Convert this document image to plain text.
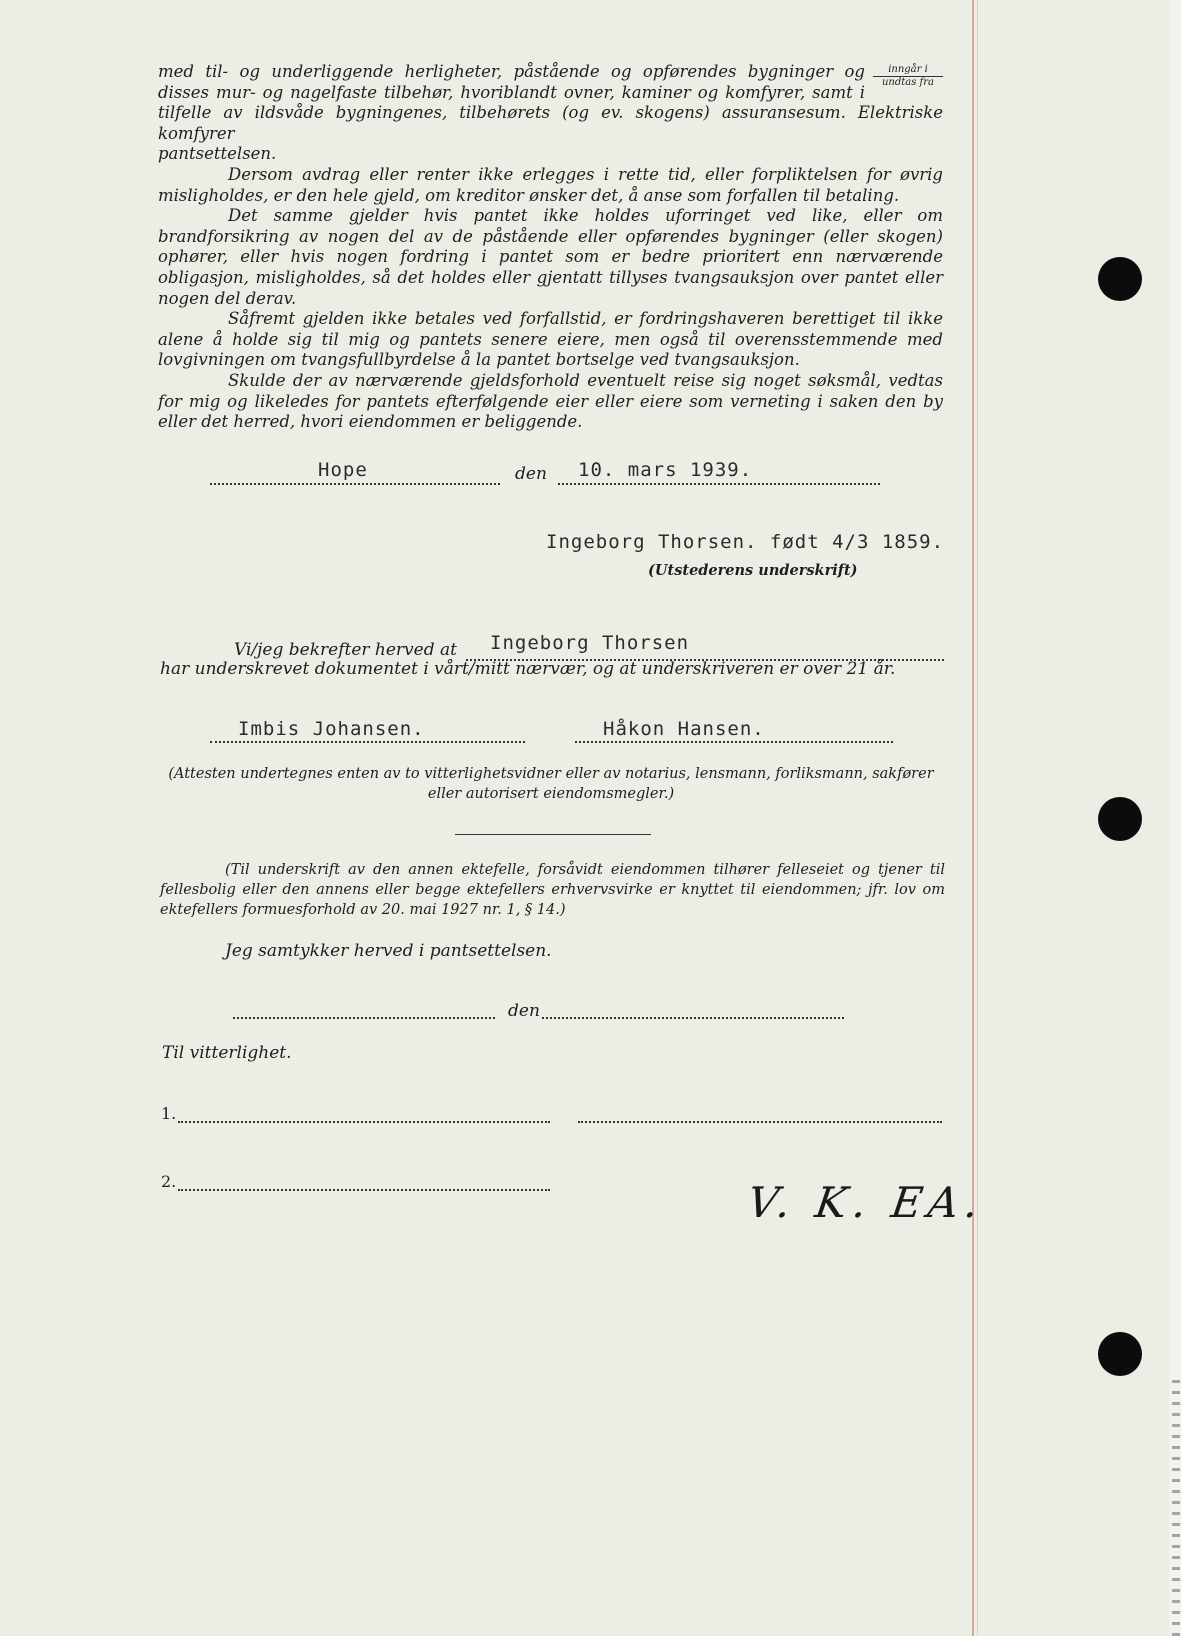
inngår i
undtas fra
med til- og underliggende herligheter, påstående og opførendes bygninger og disses mur- og nagelfaste tilbehør, hvoriblandt ovner, kaminer og komfyrer, samt i tilfelle av ildsvåde bygningenes, tilbehørets (og ev. skogens) assuransesum. Elektriske komfyrer

pantsettelsen.

Dersom avdrag eller renter ikke erlegges i rette tid, eller forpliktelsen for øvrig misligholdes, er den hele gjeld, om kreditor ønsker det, å anse som forfallen til betaling.

Det samme gjelder hvis pantet ikke holdes uforringet ved like, eller om brandforsikring av nogen del av de påstående eller opførendes bygninger (eller skogen) ophører, eller hvis nogen fordring i pantet som er bedre prioritert enn nærværende obligasjon, misligholdes, så det holdes eller gjentatt tillyses tvangsauksjon over pantet eller nogen del derav.

Såfremt gjelden ikke betales ved forfallstid, er fordringshaveren berettiget til ikke alene å holde sig til mig og pantets senere eiere, men også til overensstemmende med lovgivningen om tvangsfullbyrdelse å la pantet bortselge ved tvangsauksjon.

Skulde der av nærværende gjeldsforhold eventuelt reise sig noget søksmål, vedtas for mig og likeledes for pantets efterfølgende eier eller eiere som verneting i saken den by eller det herred, hvori eiendommen er beliggende.

Hope	den 10. mars 1939.
Ingeborg Thorsen. født 4/3 1859.
(Utstederens underskrift)
Vi/jeg bekrefter herved at Ingeborg Thorsen
har underskrevet dokumentet i vårt/mitt nærvær, og at underskriveren er over 21 år.
Imbis Johansen.	Håkon Hansen.
(Attesten undertegnes enten av to vitterlighetsvidner eller av notarius, lensmann, forliksmann, sakfører eller autorisert eiendomsmegler.)
(Til underskrift av den annen ektefelle, forsåvidt eiendommen tilhører felleseiet og tjener til fellesbolig eller den annens eller begge ektefellers erhvervsvirke er knyttet til eiendommen; jfr. lov om ektefellers formuesforhold av 20. mai 1927 nr. 1, § 14.)
Jeg samtykker herved i pantsettelsen.
den
Til vitterlighet.
1.
2.	V. K. EA.
